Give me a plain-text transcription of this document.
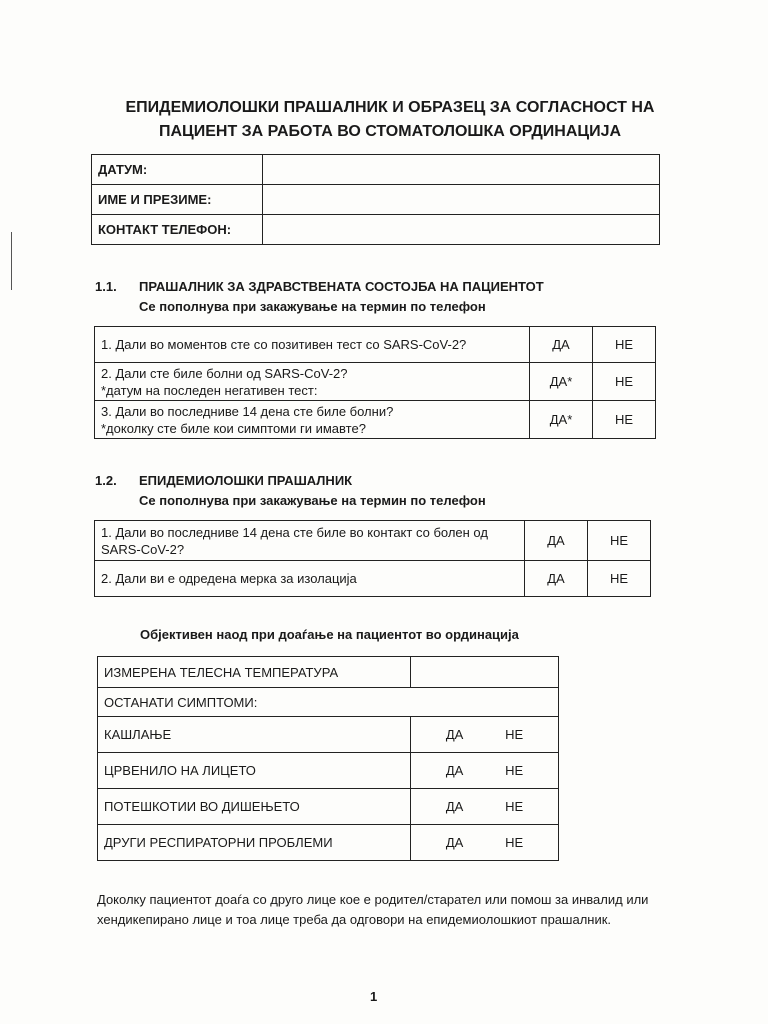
ЕПИДЕМИОЛОШКИ ПРАШАЛНИК И ОБРАЗЕЦ ЗА СОГЛАСНОСТ НА
ПАЦИЕНТ ЗА РАБОТА ВО СТОМАТОЛОШКА ОРДИНАЦИЈА
ДАТУМ:	
ИМЕ И ПРЕЗИМЕ:	
КОНТАКТ ТЕЛЕФОН:	
1.1. ПРАШАЛНИК ЗА ЗДРАВСТВЕНАТА СОСТОЈБА НА ПАЦИЕНТОТ
Се пополнува при закажување на термин по телефон
1. Дали во моментов сте со позитивен тест со SARS-CoV-2?	ДА	НЕ

2. Дали сте биле болни од SARS-CoV-2?
*датум на последен негативен тест:	ДА*	НЕ

3. Дали во последниве 14 дена сте биле болни?
*доколку сте биле кои симптоми ги имавте?	ДА*	НЕ
1.2. ЕПИДЕМИОЛОШКИ ПРАШАЛНИК
Се пополнува при закажување на термин по телефон
1. Дали во последниве 14 дена сте биле во контакт со болен од
SARS-CoV-2?	ДА	НЕ

2. Дали ви е одредена мерка за изолација	ДА	НЕ
Објективен наод при доаѓање на пациентот во ординација
ИЗМЕРЕНА ТЕЛЕСНА ТЕМПЕРАТУРА	
ОСТАНАТИ СИМПТОМИ:	
КАШЛАЊЕ	ДА НЕ

ЦРВЕНИЛО НА ЛИЦЕТО	ДА НЕ

ПОТЕШКОТИИ ВО ДИШЕЊЕТО	ДА НЕ

ДРУГИ РЕСПИРАТОРНИ ПРОБЛЕМИ	ДА НЕ
Доколку пациентот доаѓа со друго лице кое е родител/старател или помош за инвалид или хендикепирано лице и тоа лице треба да одговори на епидемиолошкиот прашалник.
1
